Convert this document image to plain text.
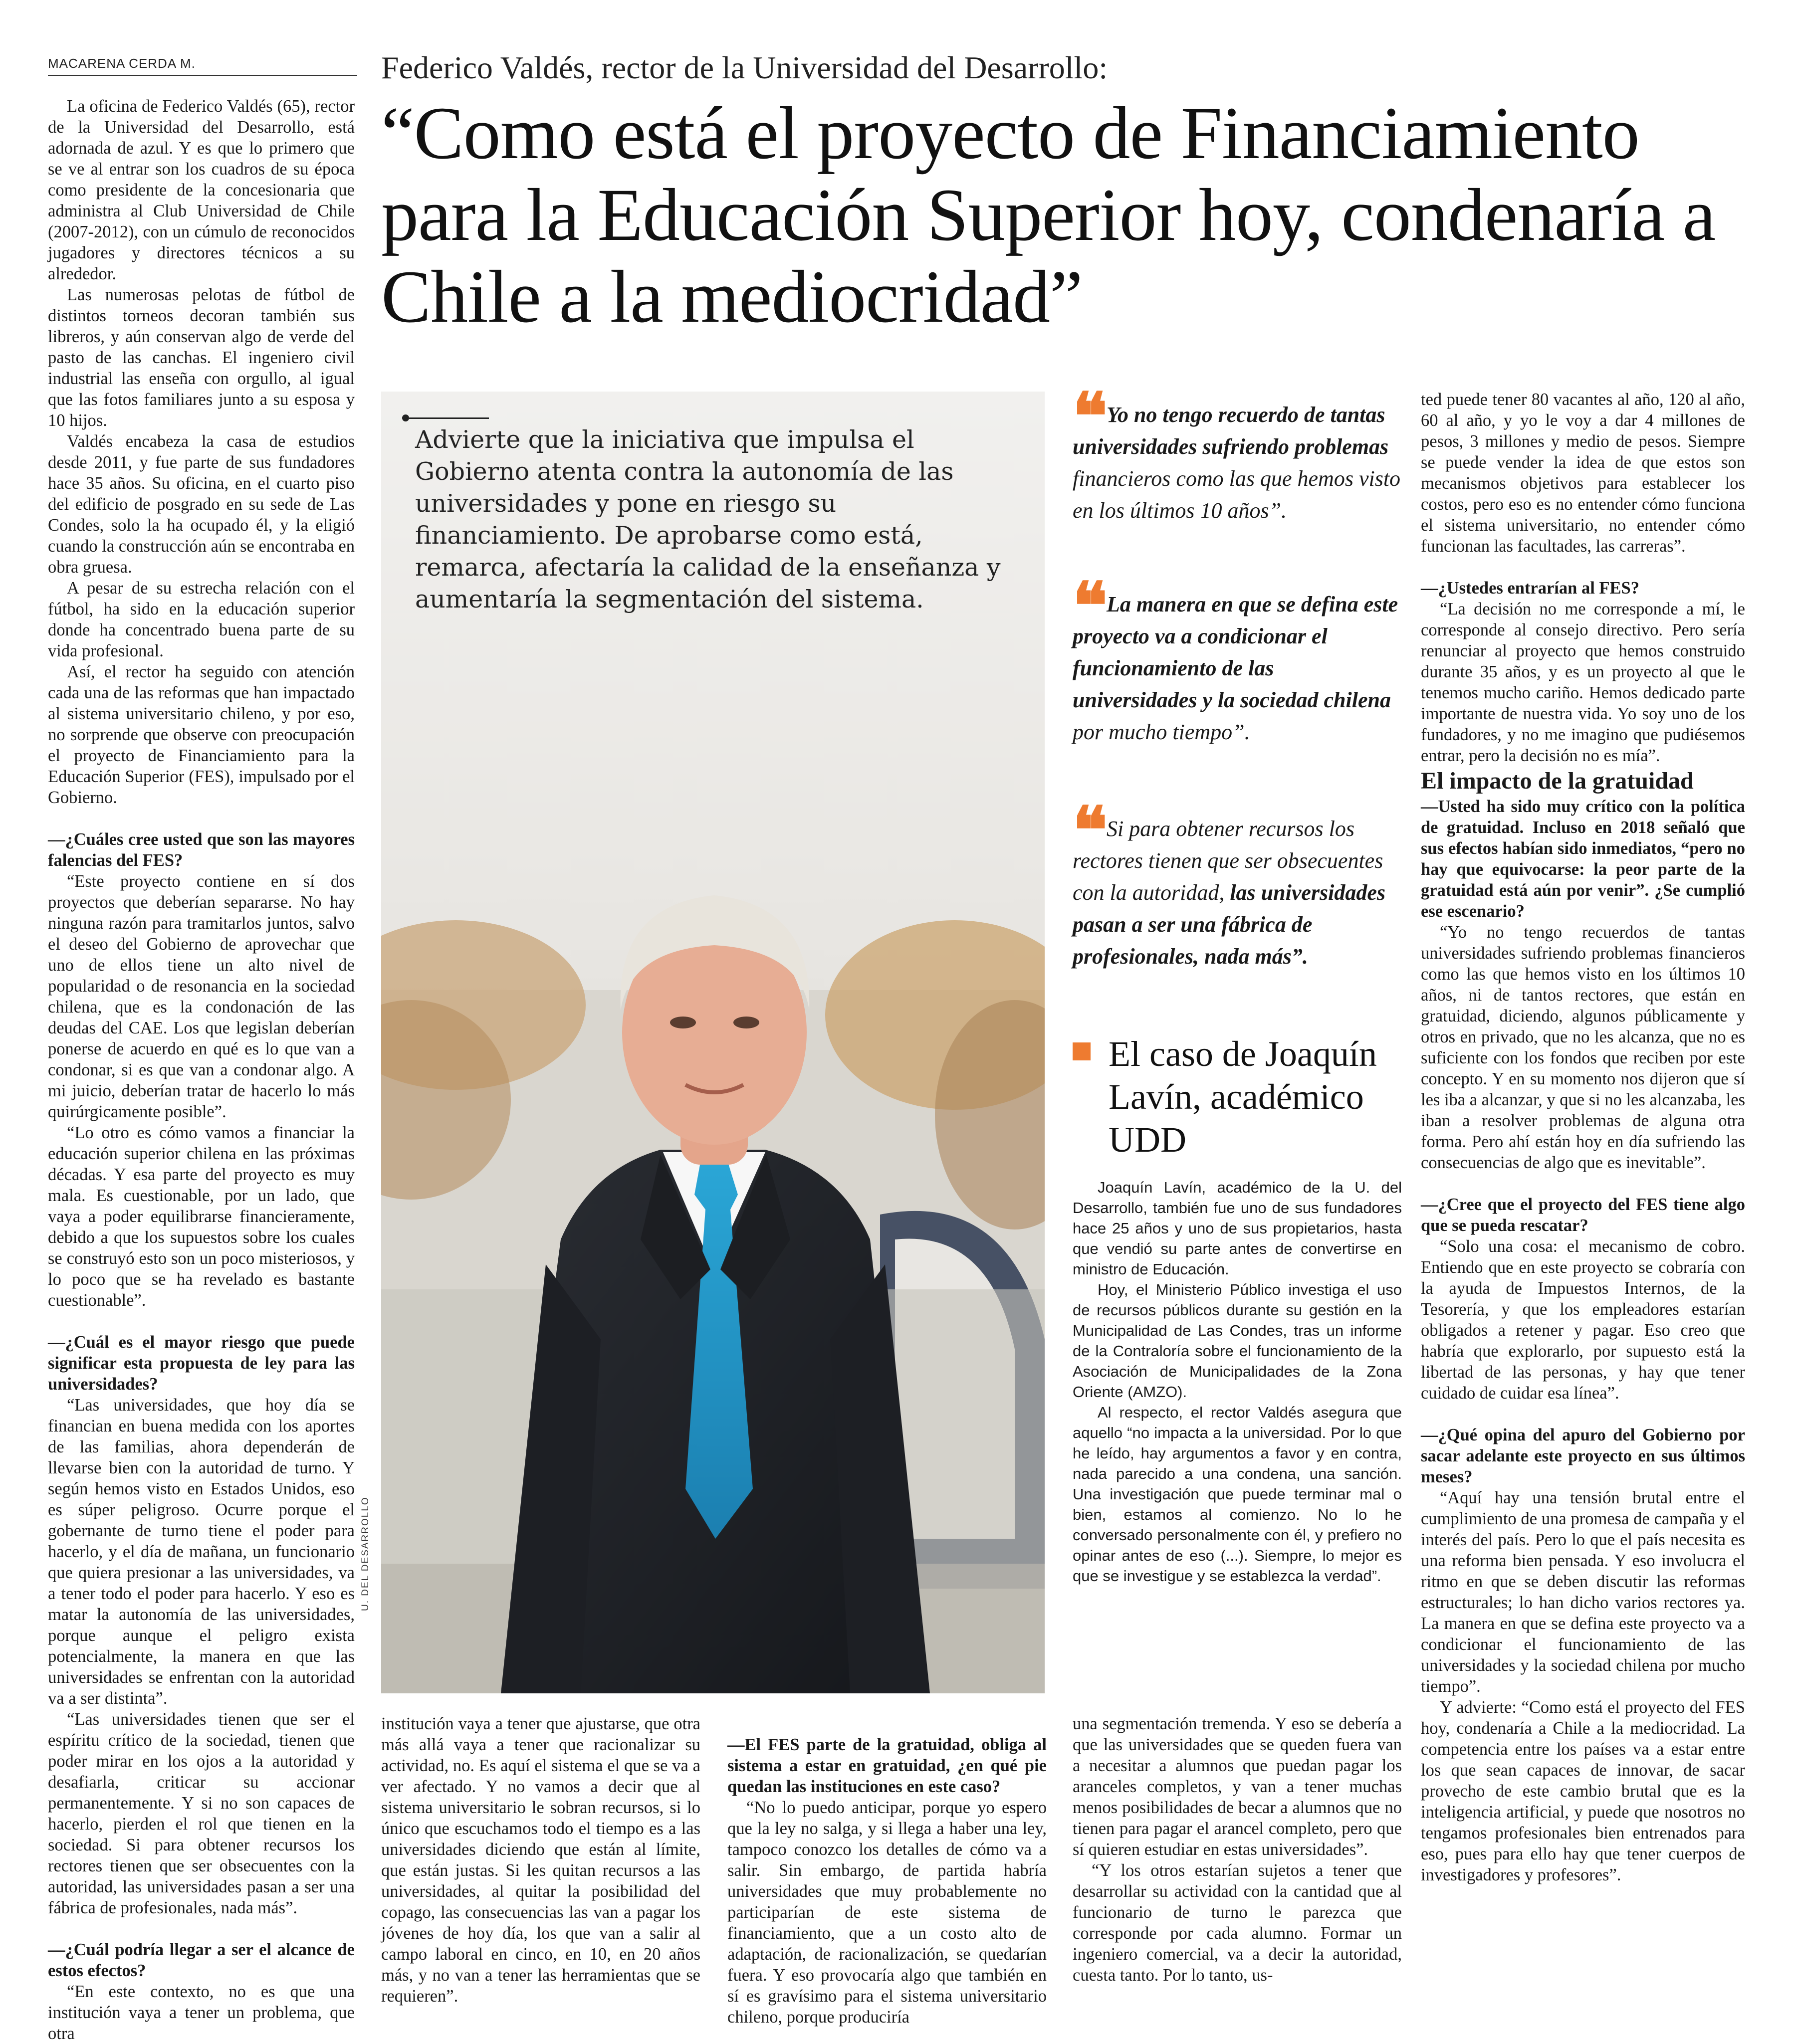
MACARENA CERDA M.	Federico Valdés, rector de la Universidad del Desarrollo:
“Como está el proyecto de Financiamiento para la Educación Superior hoy, condenaría a Chile a la mediocridad”
Advierte que la iniciativa que impulsa el Gobierno atenta contra la autonomía de las universidades y pone en riesgo su financiamiento. De aprobarse como está, remarca, afectaría la calidad de la enseñanza y aumentaría la segmentación del sistema.
U. DEL DESARROLLO

La oficina de Federico Valdés (65), rector de la Universidad del Desarrollo, está adornada de azul. Y es que lo primero que se ve al entrar son los cuadros de su época como presidente de la concesionaria que administra al Club Universidad de Chile (2007-2012), con un cúmulo de reconocidos jugadores y directores técnicos a su alrededor.

Las numerosas pelotas de fútbol de distintos torneos decoran también sus libreros, y aún conservan algo de verde del pasto de las canchas. El ingeniero civil industrial las enseña con orgullo, al igual que las fotos familiares junto a su esposa y 10 hijos.

Valdés encabeza la casa de estudios desde 2011, y fue parte de sus fundadores hace 35 años. Su oficina, en el cuarto piso del edificio de posgrado en su sede de Las Condes, solo la ha ocupado él, y la eligió cuando la construcción aún se encontraba en obra gruesa.

A pesar de su estrecha relación con el fútbol, ha sido en la educación superior donde ha concentrado buena parte de su vida profesional.

Así, el rector ha seguido con atención cada una de las reformas que han impactado al sistema universitario chileno, y por eso, no sorprende que observe con preocupación el proyecto de Financiamiento para la Educación Superior (FES), impulsado por el Gobierno.

—¿Cuáles cree usted que son las mayores falencias del FES?

“Este proyecto contiene en sí dos proyectos que deberían separarse. No hay ninguna razón para tramitarlos juntos, salvo el deseo del Gobierno de aprovechar que uno de ellos tiene un alto nivel de popularidad o de resonancia en la sociedad chilena, que es la condonación de las deudas del CAE. Los que legislan deberían ponerse de acuerdo en qué es lo que van a condonar, si es que van a condonar algo. A mi juicio, deberían tratar de hacerlo lo más quirúrgicamente posible”.

“Lo otro es cómo vamos a financiar la educación superior chilena en las próximas décadas. Y esa parte del proyecto es muy mala. Es cuestionable, por un lado, que vaya a poder equilibrarse financieramente, debido a que los supuestos sobre los cuales se construyó esto son un poco misteriosos, y lo poco que se ha revelado es bastante cuestionable”.

—¿Cuál es el mayor riesgo que puede significar esta propuesta de ley para las universidades?

“Las universidades, que hoy día se financian en buena medida con los aportes de las familias, ahora dependerán de llevarse bien con la autoridad de turno. Y según hemos visto en Estados Unidos, eso es súper peligroso. Ocurre porque el gobernante de turno tiene el poder para hacerlo, y el día de mañana, un funcionario que quiera presionar a las universidades, va a tener todo el poder para hacerlo. Y eso es matar la autonomía de las universidades, porque aunque el peligro exista potencialmente, la manera en que las universidades se enfrentan con la autoridad va a ser distinta”.

“Las universidades tienen que ser el espíritu crítico de la sociedad, tienen que poder mirar en los ojos a la autoridad y desafiarla, criticar su accionar permanentemente. Y si no son capaces de hacerlo, pierden el rol que tienen en la sociedad. Si para obtener recursos los rectores tienen que ser obsecuentes con la autoridad, las universidades pasan a ser una fábrica de profesionales, nada más”.

—¿Cuál podría llegar a ser el alcance de estos efectos?

“En este contexto, no es que una institución vaya a tener un problema, que otra

institución vaya a tener que ajustarse, que otra más allá vaya a tener que racionalizar su actividad, no. Es aquí el sistema el que se va a ver afectado. Y no vamos a decir que al sistema universitario le sobran recursos, si lo único que escuchamos todo el tiempo es a las universidades diciendo que están al límite, que están justas. Si les quitan recursos a las universidades, al quitar la posibilidad del copago, las consecuencias las van a pagar los jóvenes de hoy día, los que van a salir al campo laboral en cinco, en 10, en 20 años más, y no van a tener las herramientas que se requieren”.

—El FES parte de la gratuidad, obliga al sistema a estar en gratuidad, ¿en qué pie quedan las instituciones en este caso?

“No lo puedo anticipar, porque yo espero que la ley no salga, y si llega a haber una ley, tampoco conozco los detalles de cómo va a salir. Sin embargo, de partida habría universidades que muy probablemente no participarían de este sistema de financiamiento, que a un costo alto de adaptación, de racionalización, se quedarían fuera. Y eso provocaría algo que también en sí es gravísimo para el sistema universitario chileno, porque produciría

una segmentación tremenda. Y eso se debería a que las universidades que se queden fuera van a necesitar a alumnos que puedan pagar los aranceles completos, y van a tener muchas menos posibilidades de becar a alumnos que no tienen para pagar el arancel completo, pero que sí quieren estudiar en estas universidades”.

“Y los otros estarían sujetos a tener que desarrollar su actividad con la cantidad que al funcionario de turno le parezca que corresponde por cada alumno. Formar un ingeniero comercial, va a decir la autoridad, cuesta tanto. Por lo tanto, us-

ted puede tener 80 vacantes al año, 120 al año, 60 al año, y yo le voy a dar 4 millones de pesos, 3 millones y medio de pesos. Siempre se puede vender la idea de que estos son mecanismos objetivos para establecer los costos, pero eso es no entender cómo funciona el sistema universitario, no entender cómo funcionan las facultades, las carreras”.

—¿Ustedes entrarían al FES?

“La decisión no me corresponde a mí, le corresponde al consejo directivo. Pero sería renunciar al proyecto que hemos construido durante 35 años, y es un proyecto al que le tenemos mucho cariño. Hemos dedicado parte importante de nuestra vida. Yo soy uno de los fundadores, y no me imagino que pudiésemos entrar, pero la decisión no es mía”.

El impacto de la gratuidad

—Usted ha sido muy crítico con la política de gratuidad. Incluso en 2018 señaló que sus efectos habían sido inmediatos, “pero no hay que equivocarse: la peor parte de la gratuidad está aún por venir”. ¿Se cumplió ese escenario?

“Yo no tengo recuerdos de tantas universidades sufriendo problemas financieros como las que hemos visto en los últimos 10 años, ni de tantos rectores, que están en gratuidad, diciendo, algunos públicamente y otros en privado, que no les alcanza, que no es suficiente con los fondos que reciben por este concepto. Y en su momento nos dijeron que sí les iba a alcanzar, y que si no les alcanzaba, les iban a resolver problemas de alguna otra forma. Pero ahí están hoy en día sufriendo las consecuencias de algo que es inevitable”.

—¿Cree que el proyecto del FES tiene algo que se pueda rescatar?

“Solo una cosa: el mecanismo de cobro. Entiendo que en este proyecto se cobraría con la ayuda de Impuestos Internos, de la Tesorería, y que los empleadores estarían obligados a retener y pagar. Eso creo que habría que explorarlo, por supuesto está la libertad de las personas, y hay que tener cuidado de cuidar esa línea”.

—¿Qué opina del apuro del Gobierno por sacar adelante este proyecto en sus últimos meses?

“Aquí hay una tensión brutal entre el cumplimiento de una promesa de campaña y el interés del país. Pero lo que el país necesita es una reforma bien pensada. Y eso involucra el ritmo en que se deben discutir las reformas estructurales; lo han dicho varios rectores ya. La manera en que se defina este proyecto va a condicionar el funcionamiento de las universidades y la sociedad chilena por mucho tiempo”.

Y advierte: “Como está el proyecto del FES hoy, condenaría a Chile a la mediocridad. La competencia entre los países va a estar entre los que sean capaces de innovar, de sacar provecho de este cambio brutal que es la inteligencia artificial, y puede que nosotros no tengamos profesionales bien entrenados para eso, pues para ello hay que tener cuerpos de investigadores y profesores”.

❝ Yo no tengo recuerdo de tantas universidades sufriendo problemas financieros como las que hemos visto en los últimos 10 años”.
❝ La manera en que se defina este proyecto va a condicionar el funcionamiento de las universidades y la sociedad chilena por mucho tiempo”.
❝ Si para obtener recursos los rectores tienen que ser obsecuentes con la autoridad, las universidades pasan a ser una fábrica de profesionales, nada más”.
El caso de Joaquín Lavín, académico UDD

Joaquín Lavín, académico de la U. del Desarrollo, también fue uno de sus fundadores hace 25 años y uno de sus propietarios, hasta que vendió su parte antes de convertirse en ministro de Educación.

Hoy, el Ministerio Público investiga el uso de recursos públicos durante su gestión en la Municipalidad de Las Condes, tras un informe de la Contraloría sobre el funcionamiento de la Asociación de Municipalidades de la Zona Oriente (AMZO).

Al respecto, el rector Valdés asegura que aquello “no impacta a la universidad. Por lo que he leído, hay argumentos a favor y en contra, nada parecido a una condena, una sanción. Una investigación que puede terminar mal o bien, estamos al comienzo. No lo he conversado personalmente con él, y prefiero no opinar antes de eso (...). Siempre, lo mejor es que se investigue y se establezca la verdad”.
